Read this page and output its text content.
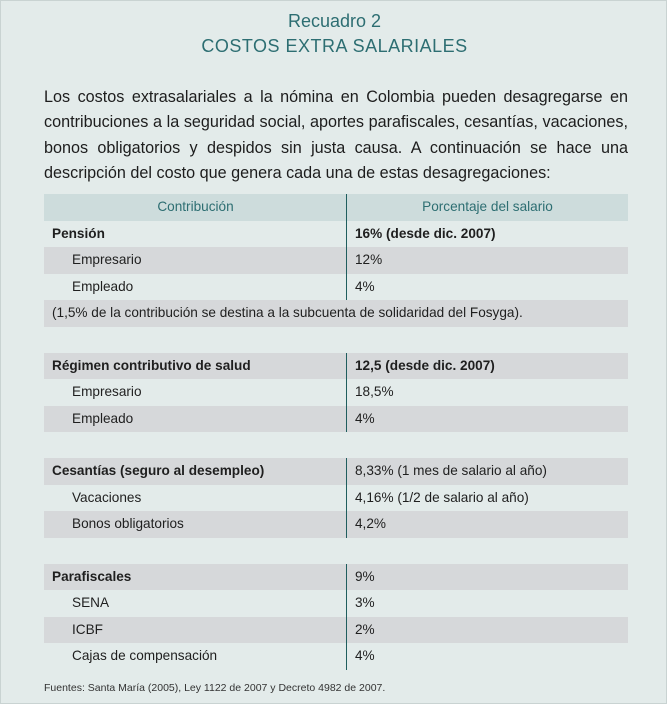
Recuadro 2
COSTOS EXTRA SALARIALES

Los costos extrasalariales a la nómina en Colombia pueden desagregarse en contribuciones a la seguridad social, aportes parafiscales, cesantías, vacaciones, bonos obligatorios y despidos sin justa causa. A continuación se hace una descripción del costo que genera cada una de estas desagregaciones:

Contribución	Porcentaje del salario
Pensión	16% (desde dic. 2007)
Empresario	12%
Empleado	4%
(1,5% de la contribución se destina a la subcuenta de solidaridad del Fosyga).
Régimen contributivo de salud	12,5 (desde dic. 2007)
Empresario	18,5%
Empleado	4%
Cesantías (seguro al desempleo)	8,33% (1 mes de salario al año)
Vacaciones	4,16% (1/2 de salario al año)
Bonos obligatorios	4,2%
Parafiscales	9%
SENA	3%
ICBF	2%
Cajas de compensación	4%
Fuentes: Santa María (2005), Ley 1122 de 2007 y Decreto 4982 de 2007.
